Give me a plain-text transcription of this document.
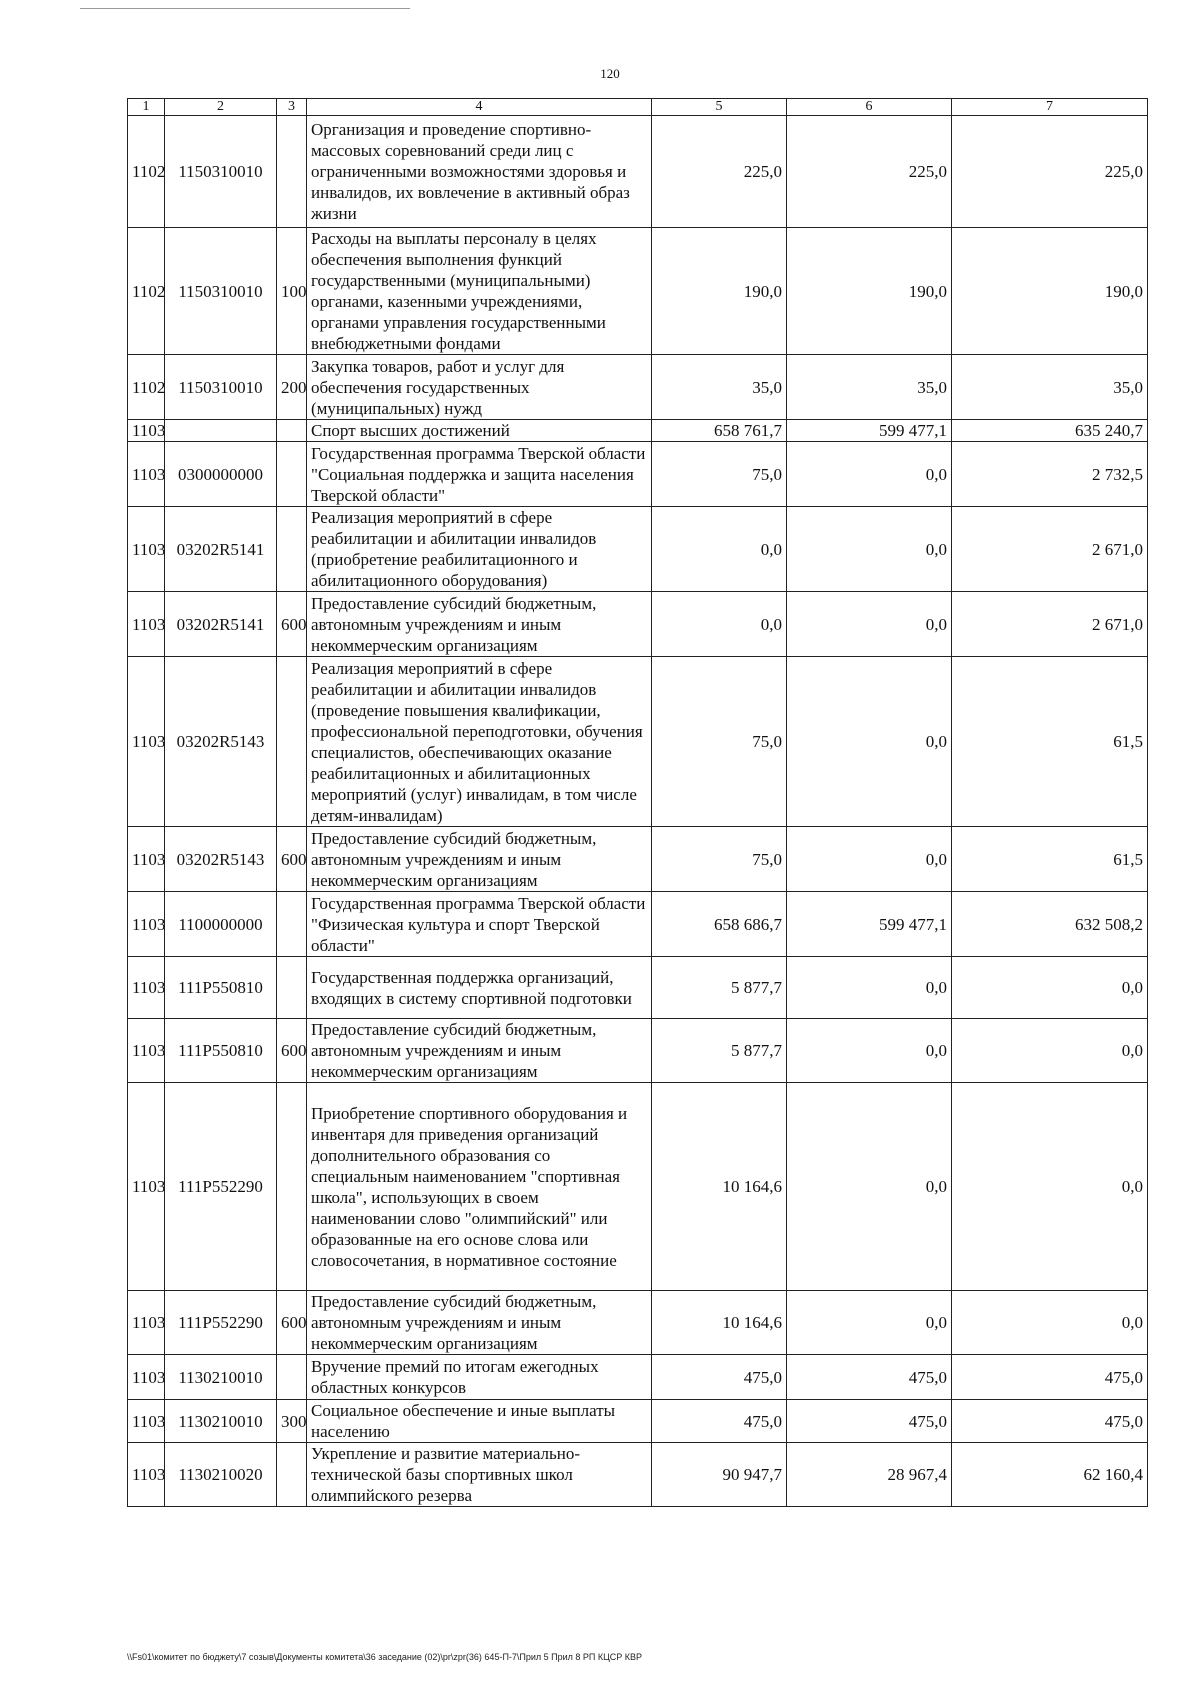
120
1	2	3	4	5	6	7
1102	1150310010		Организация и проведение спортивно-массовых соревнований среди лиц с ограниченными возможностями здоровья и инвалидов, их вовлечение в активный образ жизни	225,0	225,0	225,0
1102	1150310010	100	Расходы на выплаты персоналу в целях обеспечения выполнения функций государственными (муниципальными) органами, казенными учреждениями, органами управления государственными внебюджетными фондами	190,0	190,0	190,0
1102	1150310010	200	Закупка товаров, работ и услуг для обеспечения государственных (муниципальных) нужд	35,0	35,0	35,0
1103			Спорт высших достижений	658 761,7	599 477,1	635 240,7
1103	0300000000		Государственная программа Тверской области "Социальная поддержка и защита населения Тверской области"	75,0	0,0	2 732,5
1103	03202R5141		Реализация мероприятий в сфере реабилитации и абилитации инвалидов (приобретение реабилитационного и абилитационного оборудования)	0,0	0,0	2 671,0
1103	03202R5141	600	Предоставление субсидий бюджетным, автономным учреждениям и иным некоммерческим организациям	0,0	0,0	2 671,0
1103	03202R5143		Реализация мероприятий в сфере реабилитации и абилитации инвалидов (проведение повышения квалификации, профессиональной переподготовки, обучения специалистов, обеспечивающих оказание реабилитационных и абилитационных мероприятий (услуг) инвалидам, в том числе детям-инвалидам)	75,0	0,0	61,5
1103	03202R5143	600	Предоставление субсидий бюджетным, автономным учреждениям и иным некоммерческим организациям	75,0	0,0	61,5
1103	1100000000		Государственная программа Тверской области "Физическая культура и спорт Тверской области"	658 686,7	599 477,1	632 508,2
1103	111P550810		Государственная поддержка организаций, входящих в систему спортивной подготовки	5 877,7	0,0	0,0
1103	111P550810	600	Предоставление субсидий бюджетным, автономным учреждениям и иным некоммерческим организациям	5 877,7	0,0	0,0
1103	111P552290		Приобретение спортивного оборудования и инвентаря для приведения организаций дополнительного образования со специальным наименованием "спортивная школа", использующих в своем наименовании слово "олимпийский" или образованные на его основе слова или словосочетания, в нормативное состояние	10 164,6	0,0	0,0
1103	111P552290	600	Предоставление субсидий бюджетным, автономным учреждениям и иным некоммерческим организациям	10 164,6	0,0	0,0
1103	1130210010		Вручение премий по итогам ежегодных областных конкурсов	475,0	475,0	475,0
1103	1130210010	300	Социальное обеспечение и иные выплаты населению	475,0	475,0	475,0
1103	1130210020		Укрепление и развитие материально-технической базы спортивных школ олимпийского резерва	90 947,7	28 967,4	62 160,4
\\Fs01\комитет по бюджету\7 созыв\Документы комитета\36 заседание (02)\pr\zpr(36) 645-П-7\Прил 5 Прил 8 РП КЦСР КВР
